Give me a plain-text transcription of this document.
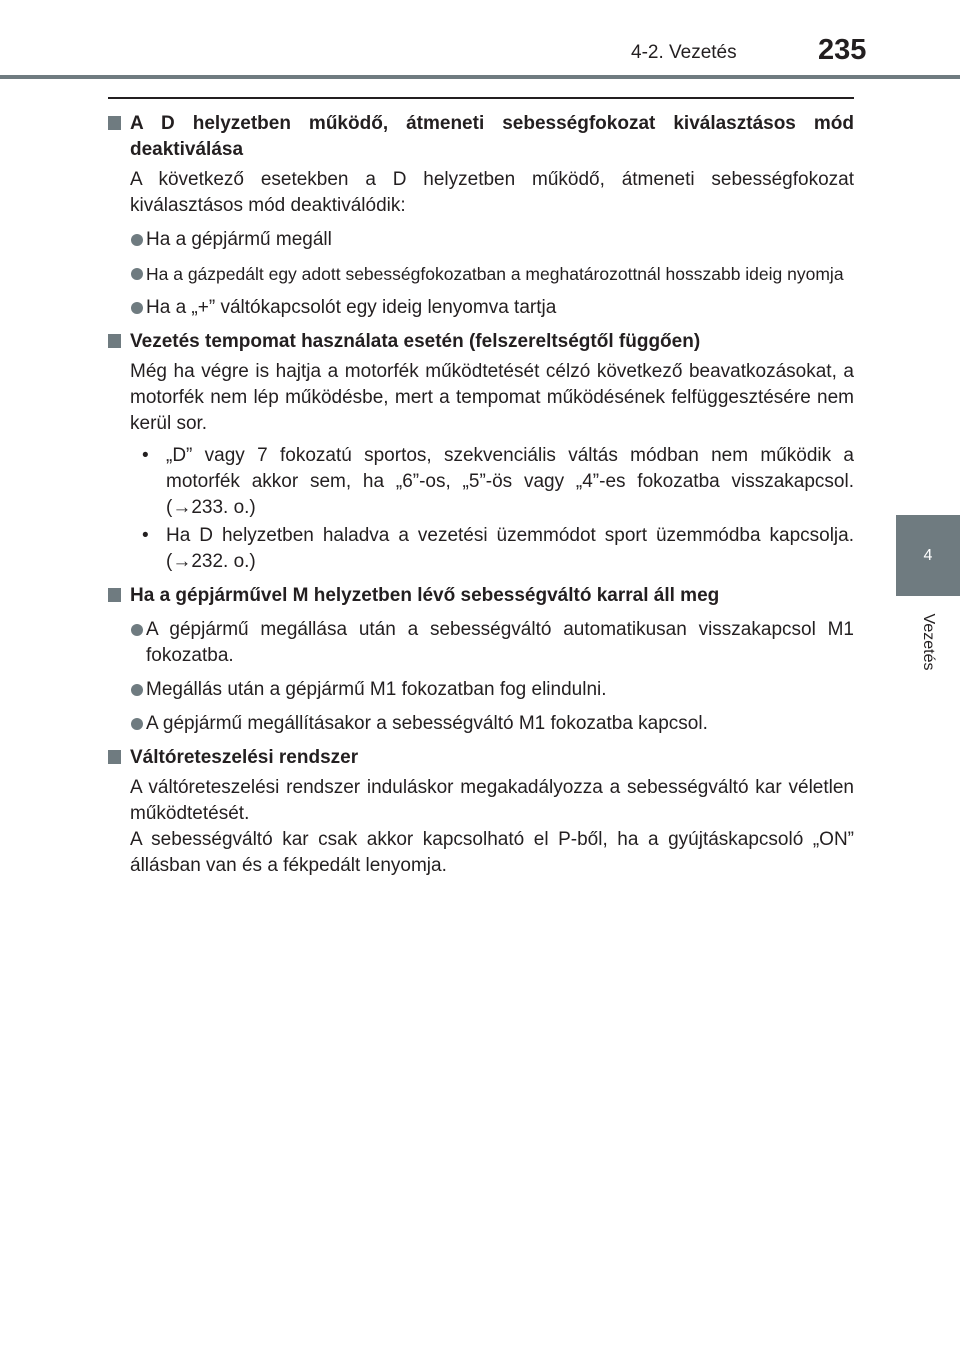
4-2. Vezetés	235
4
Vezetés
A D helyzetben működő, átmeneti sebességfokozat kiválasztásos mód deaktiválása
A következő esetekben a D helyzetben működő, átmeneti sebességfokozat kiválasztásos mód deaktiválódik:
Ha a gépjármű megáll
Ha a gázpedált egy adott sebességfokozatban a meghatározottnál hosszabb ideig nyomja
Ha a „+” váltókapcsolót egy ideig lenyomva tartja
Vezetés tempomat használata esetén (felszereltségtől függően)
Még ha végre is hajtja a motorfék működtetését célzó következő beavatkozásokat, a motorfék nem lép működésbe, mert a tempomat működésének felfüggesztésére nem kerül sor.
• „D” vagy 7 fokozatú sportos, szekvenciális váltás módban nem működik a motorfék akkor sem, ha „6”-os, „5”-ös vagy „4”-es fokozatba visszakapcsol. (→233. o.)
• Ha D helyzetben haladva a vezetési üzemmódot sport üzemmódba kapcsolja. (→232. o.)
Ha a gépjárművel M helyzetben lévő sebességváltó karral áll meg
A gépjármű megállása után a sebességváltó automatikusan visszakapcsol M1 fokozatba.
Megállás után a gépjármű M1 fokozatban fog elindulni.
A gépjármű megállításakor a sebességváltó M1 fokozatba kapcsol.
Váltóreteszelési rendszer
A váltóreteszelési rendszer induláskor megakadályozza a sebességváltó kar véletlen működtetését.
A sebességváltó kar csak akkor kapcsolható el P-ből, ha a gyújtáskapcsoló „ON” állásban van és a fékpedált lenyomja.
